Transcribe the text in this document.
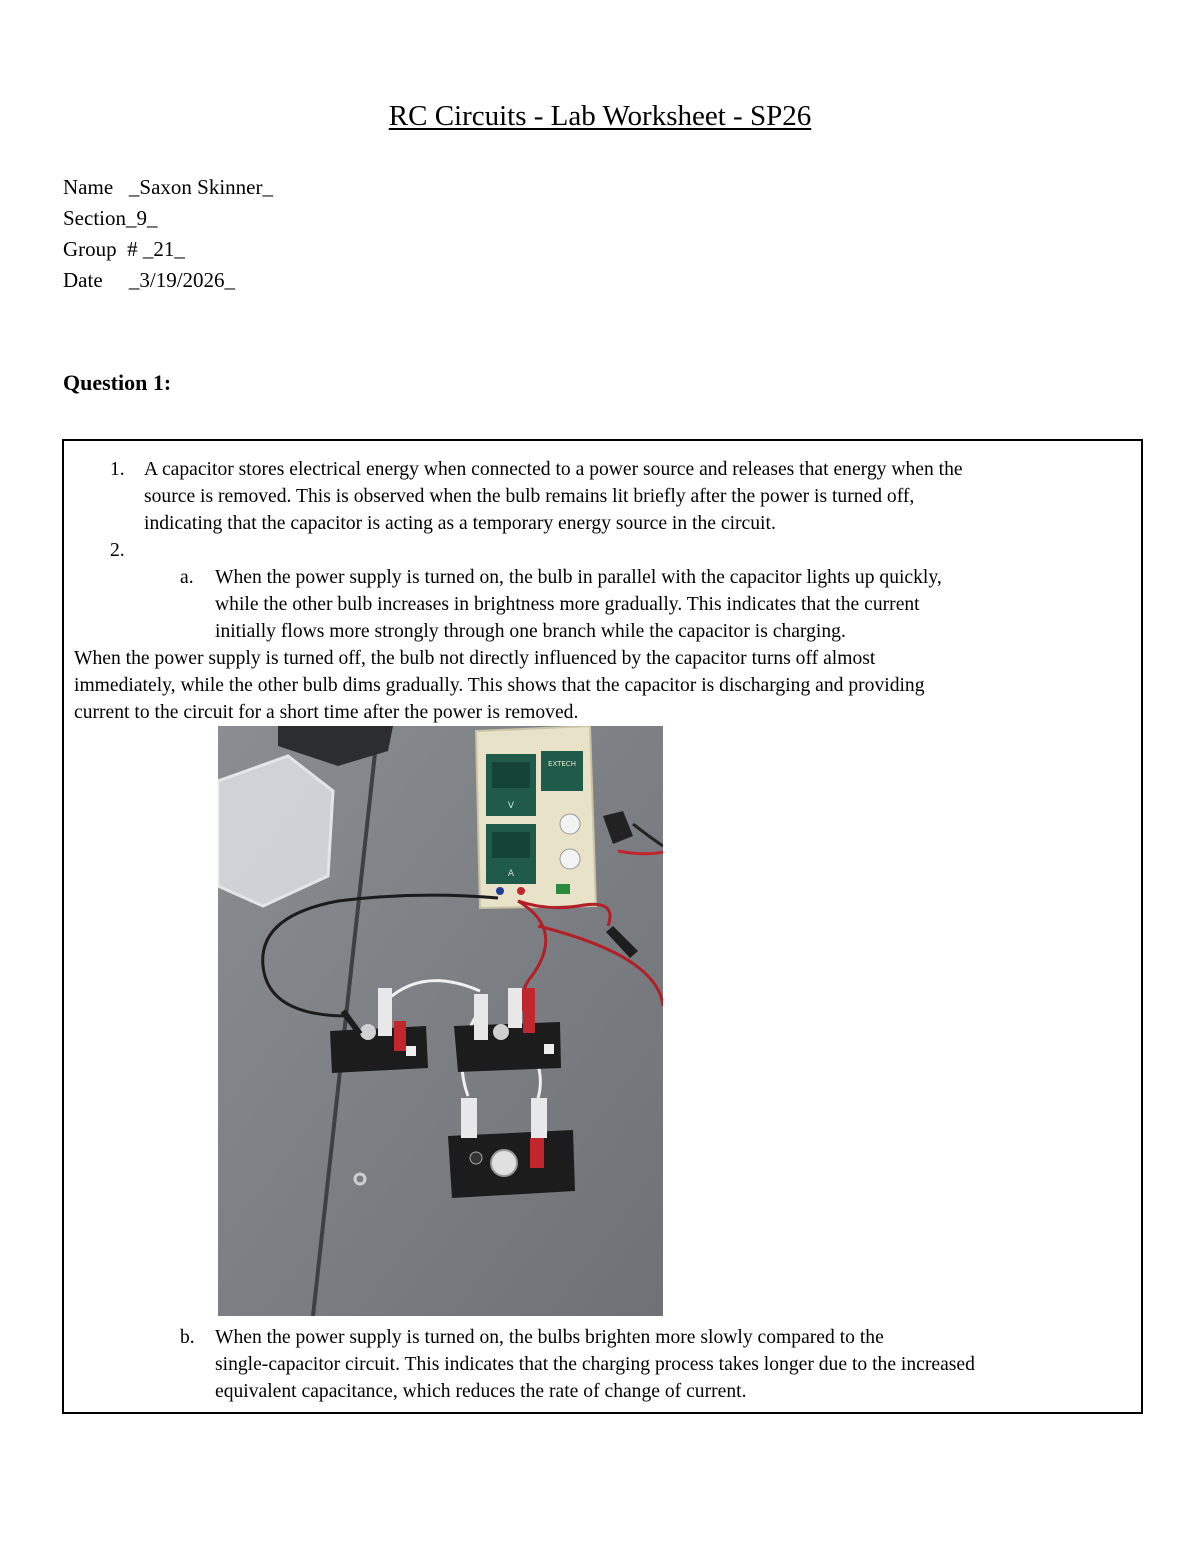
RC Circuits - Lab Worksheet - SP26
Name   _Saxon Skinner_
Section_9_
Group  # _21_
Date     _3/19/2026_
Question 1:
1. A capacitor stores electrical energy when connected to a power source and releases that energy when the
source is removed. This is observed when the bulb remains lit briefly after the power is turned off,
indicating that the capacitor is acting as a temporary energy source in the circuit.
2.
a. When the power supply is turned on, the bulb in parallel with the capacitor lights up quickly,
while the other bulb increases in brightness more gradually. This indicates that the current
initially flows more strongly through one branch while the capacitor is charging.
When the power supply is turned off, the bulb not directly influenced by the capacitor turns off almost
immediately, while the other bulb dims gradually. This shows that the capacitor is discharging and providing
current to the circuit for a short time after the power is removed.
V
A
EXTECH
b. When the power supply is turned on, the bulbs brighten more slowly compared to the
single-capacitor circuit. This indicates that the charging process takes longer due to the increased
equivalent capacitance, which reduces the rate of change of current.
